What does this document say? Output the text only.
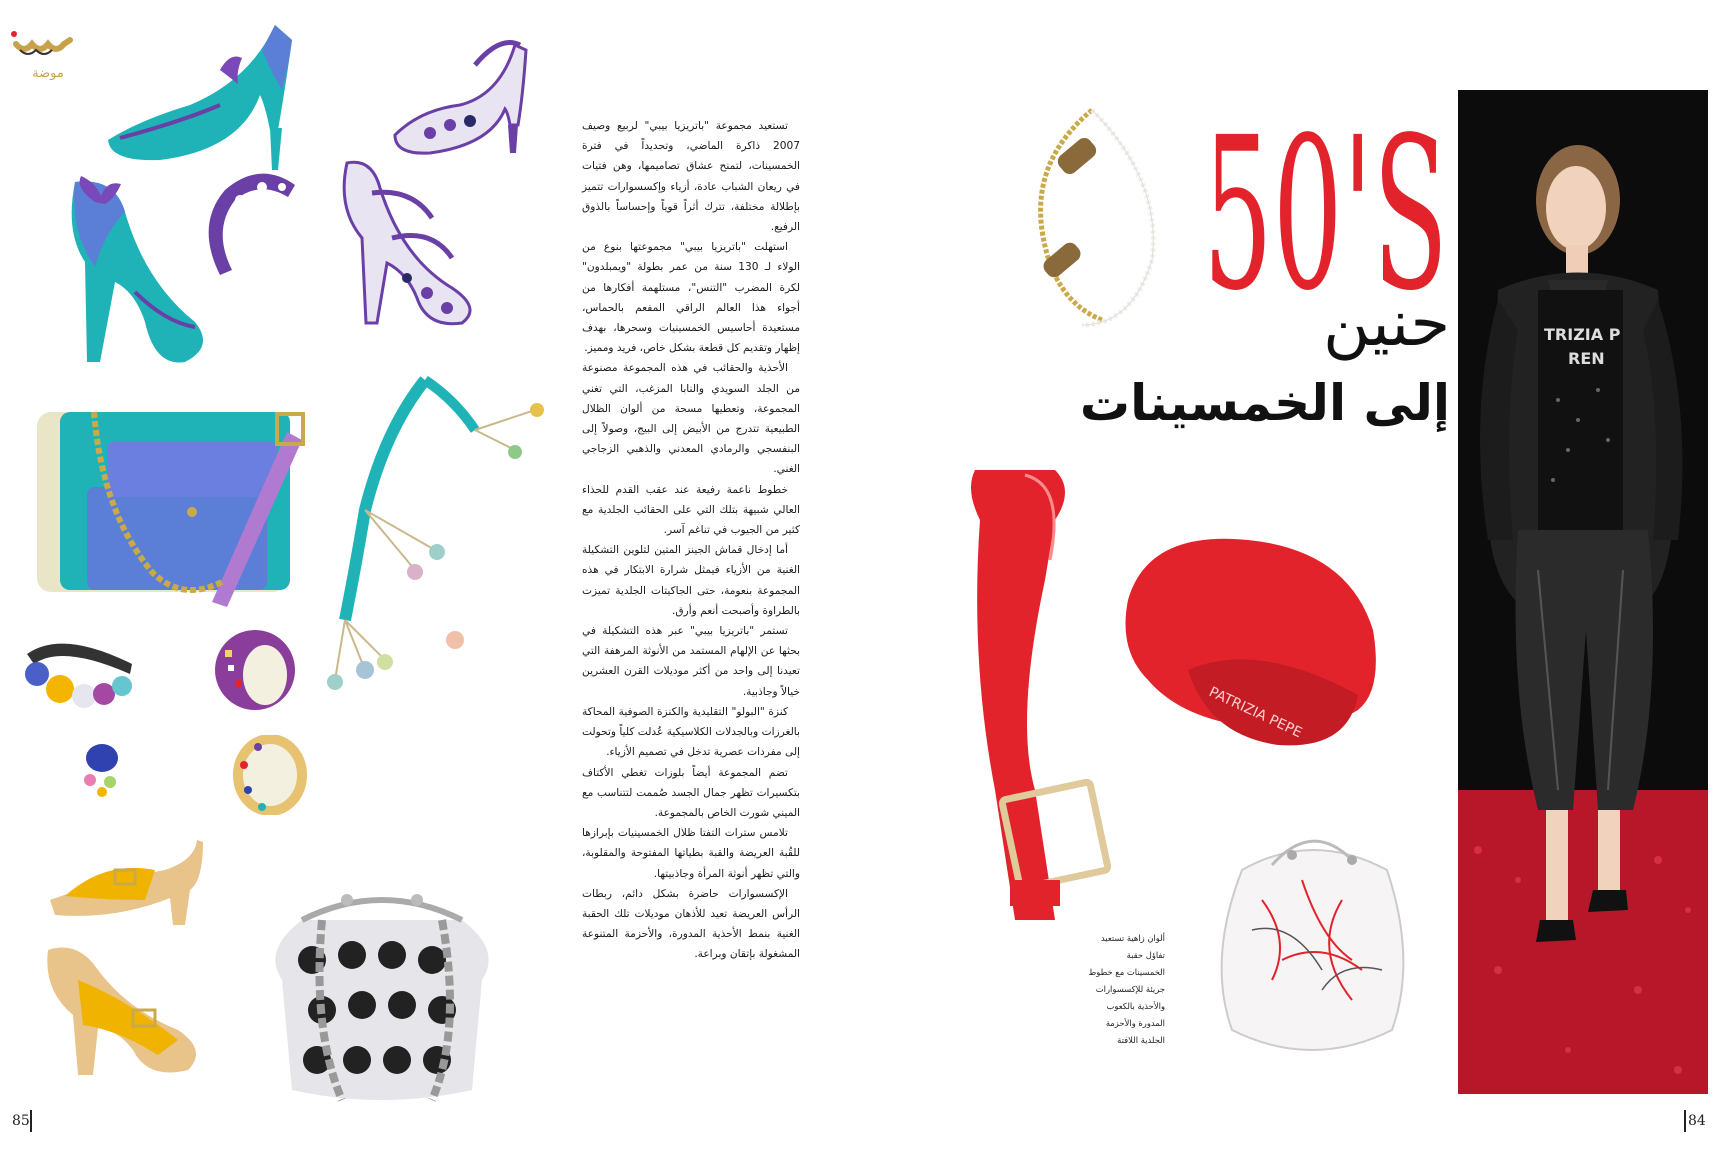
موضة

تستعيد مجموعة "باتريزيا بيبي" لربيع وصيف 2007 ذاكرة الماضي، وتحديداً في فترة الخمسينات، لتمنح عشاق تصاميمها، وهن فتيات في ريعان الشباب عادة، أزياء وإكسسوارات تتميز بإطلالة مختلفة، تترك أثراً قوياً وإحساساً بالذوق الرفيع.

استهلت "باتريزيا بيبي" مجموعتها بنوع من الولاء لـ 130 سنة من عمر بطولة "ويمبلدون" لكرة المضرب "التنس"، مستلهمة أفكارها من أجواء هذا العالم الراقي المفعم بالحماس، مستعيدة أحاسيس الخمسينيات وسحرها، بهدف إظهار وتقديم كل قطعة بشكل خاص، فريد ومميز.

الأحذية والحقائب في هذه المجموعة مصنوعة من الجلد السويدي والنابا المزغب، التي تغني المجموعة، وتعطيها مسحة من ألوان الظلال الطبيعية تتدرج من الأبيض إلى البيج، وصولاً إلى البنفسجي والرمادي المعدني والذهبي الزجاجي الغني.

خطوط ناعمة رفيعة عند عقب القدم للحذاء العالي شبيهة بتلك التي على الحقائب الجلدية مع كثير من الجيوب في تناغم آسر.

أما إدخال قماش الجينز المتين لتلوين التشكيلة الغنية من الأزياء فيمثل شرارة الابتكار في هذه المجموعة بنعومة، حتى الجاكيتات الجلدية تميزت بالطراوة وأصبحت أنعم وأرق.

تستمر "باتريزيا بيبي" عبر هذه التشكيلة في بحثها عن الإلهام المستمد من الأنوثة المرهفة التي تعيدنا إلى واحد من أكثر موديلات القرن العشرين خيالاً وجاذبية.

كنزة "البولو" التقليدية والكنزة الصوفية المحاكة بالغرزات وبالجدلات الكلاسيكية عُدلت كلياً وتحولت إلى مفردات عصرية تدخل في تصميم الأزياء.

تضم المجموعة أيضاً بلوزات تغطي الأكتاف بتكسيرات تظهر جمال الجسد صُممت لتتناسب مع الميني شورت الخاص بالمجموعة.

تلامس سترات التفتا ظلال الخمسينيات بإبرازها للقُبة العريضة والقبة بطياتها المفتوحة والمقلوبة، والتي تظهر أنوثة المرأة وجاذبيتها.

الإكسسوارات حاضرة بشكل دائم، ربطات الرأس العريضة تعيد للأذهان موديلات تلك الحقبة الغنية بنمط الأحذية المدورة، والأحزمة المتنوعة المشغولة بإتقان وبراعة.

85	84
50'S
حنين
إلى الخمسينات
PATRIZIA PEPE
ألوان زاهية تستعيد
تفاؤل حقبة
الخمسينات مع خطوط
جريئة للإكسسوارات
والأحذية بالكعوب
المدورة والأحزمة
الجلدية اللافتة
TRIZIA P
REN
